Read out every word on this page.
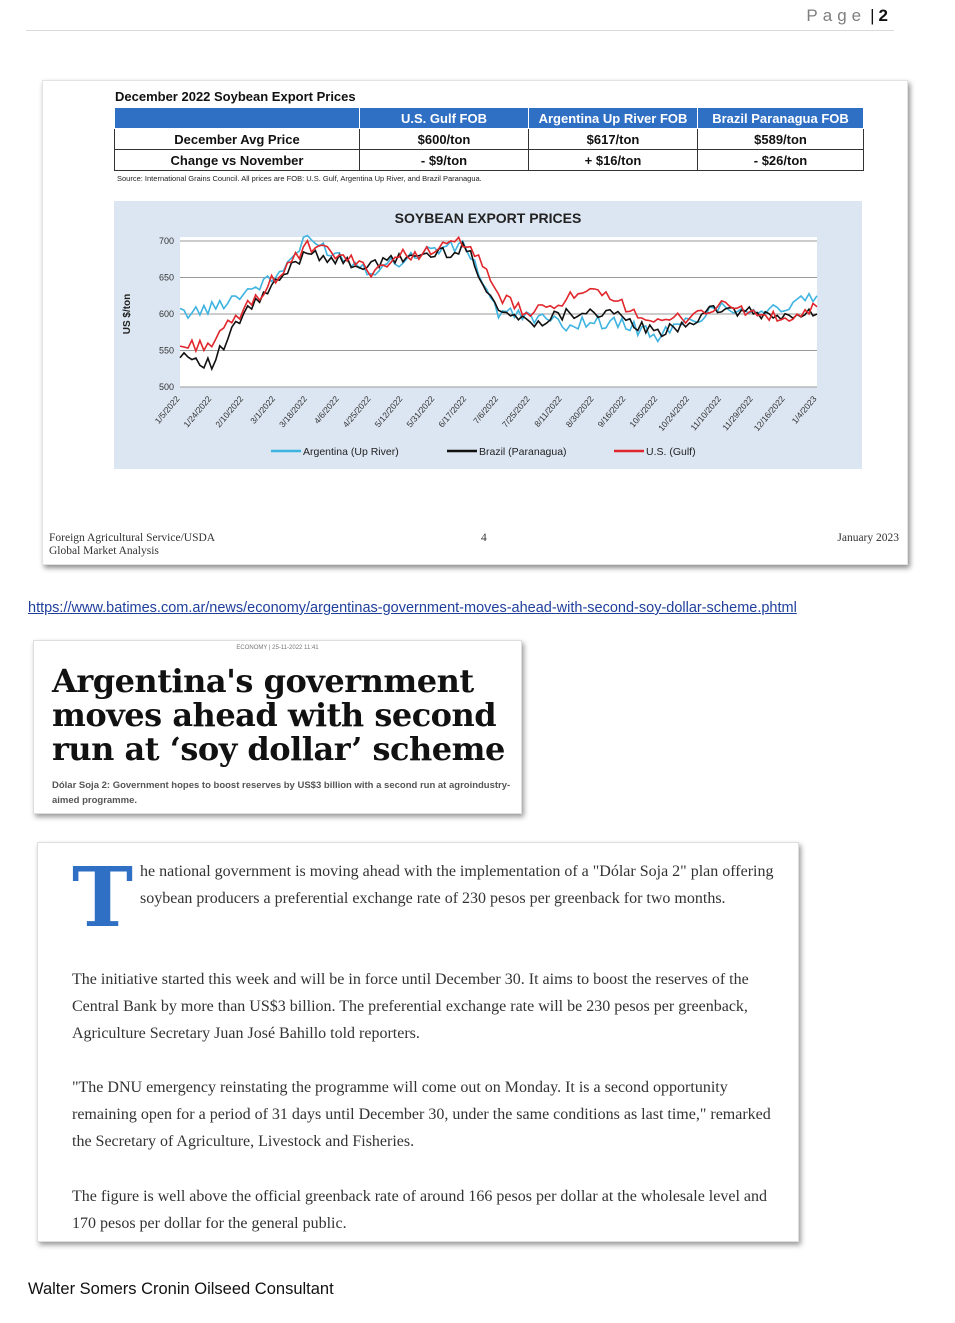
Page | 2
December 2022 Soybean Export Prices
	U.S. Gulf FOB	Argentina Up River FOB	Brazil Paranagua FOB
December Avg Price	$600/ton	$617/ton	$589/ton
Change vs November	- $9/ton	+ $16/ton	- $26/ton
Source: International Grains Council. All prices are FOB: U.S. Gulf, Argentina Up River, and Brazil Paranagua.
SOYBEAN EXPORT PRICES
500
550
600
650
700
US $/ton
1/5/2022 1/24/2022 2/10/2022 3/1/2022 3/18/2022 4/6/2022 4/25/2022 5/12/2022 5/31/2022 6/17/2022 7/6/2022 7/25/2022 8/11/2022 8/30/2022 9/16/2022 10/5/2022
10/24/2022
11/10/2022
11/29/2022
12/16/2022 1/4/2023
Argentina (Up River)	Brazil (Paranagua)	U.S. (Gulf)
Foreign Agricultural Service/USDA
Global Market Analysis
4	January 2023
https://www.batimes.com.ar/news/economy/argentinas-government-moves-ahead-with-second-soy-dollar-scheme.phtml
ECONOMY | 25-11-2022 11:41
Argentina's government moves ahead with second run at ‘soy dollar’ scheme
Dólar Soja 2: Government hopes to boost reserves by US$3 billion with a second run at agroindustry-aimed programme.
T he national government is moving ahead with the implementation of a "Dólar Soja 2" plan offering soybean producers a preferential exchange rate of 230 pesos per greenback for two months.
The initiative started this week and will be in force until December 30. It aims to boost the reserves of the Central Bank by more than US$3 billion. The preferential exchange rate will be 230 pesos per greenback, Agriculture Secretary Juan José Bahillo told reporters.
"The DNU emergency reinstating the programme will come out on Monday. It is a second opportunity remaining open for a period of 31 days until December 30, under the same conditions as last time," remarked the Secretary of Agriculture, Livestock and Fisheries.
The figure is well above the official greenback rate of around 166 pesos per dollar at the wholesale level and 170 pesos per dollar for the general public.
Walter Somers Cronin Oilseed Consultant
